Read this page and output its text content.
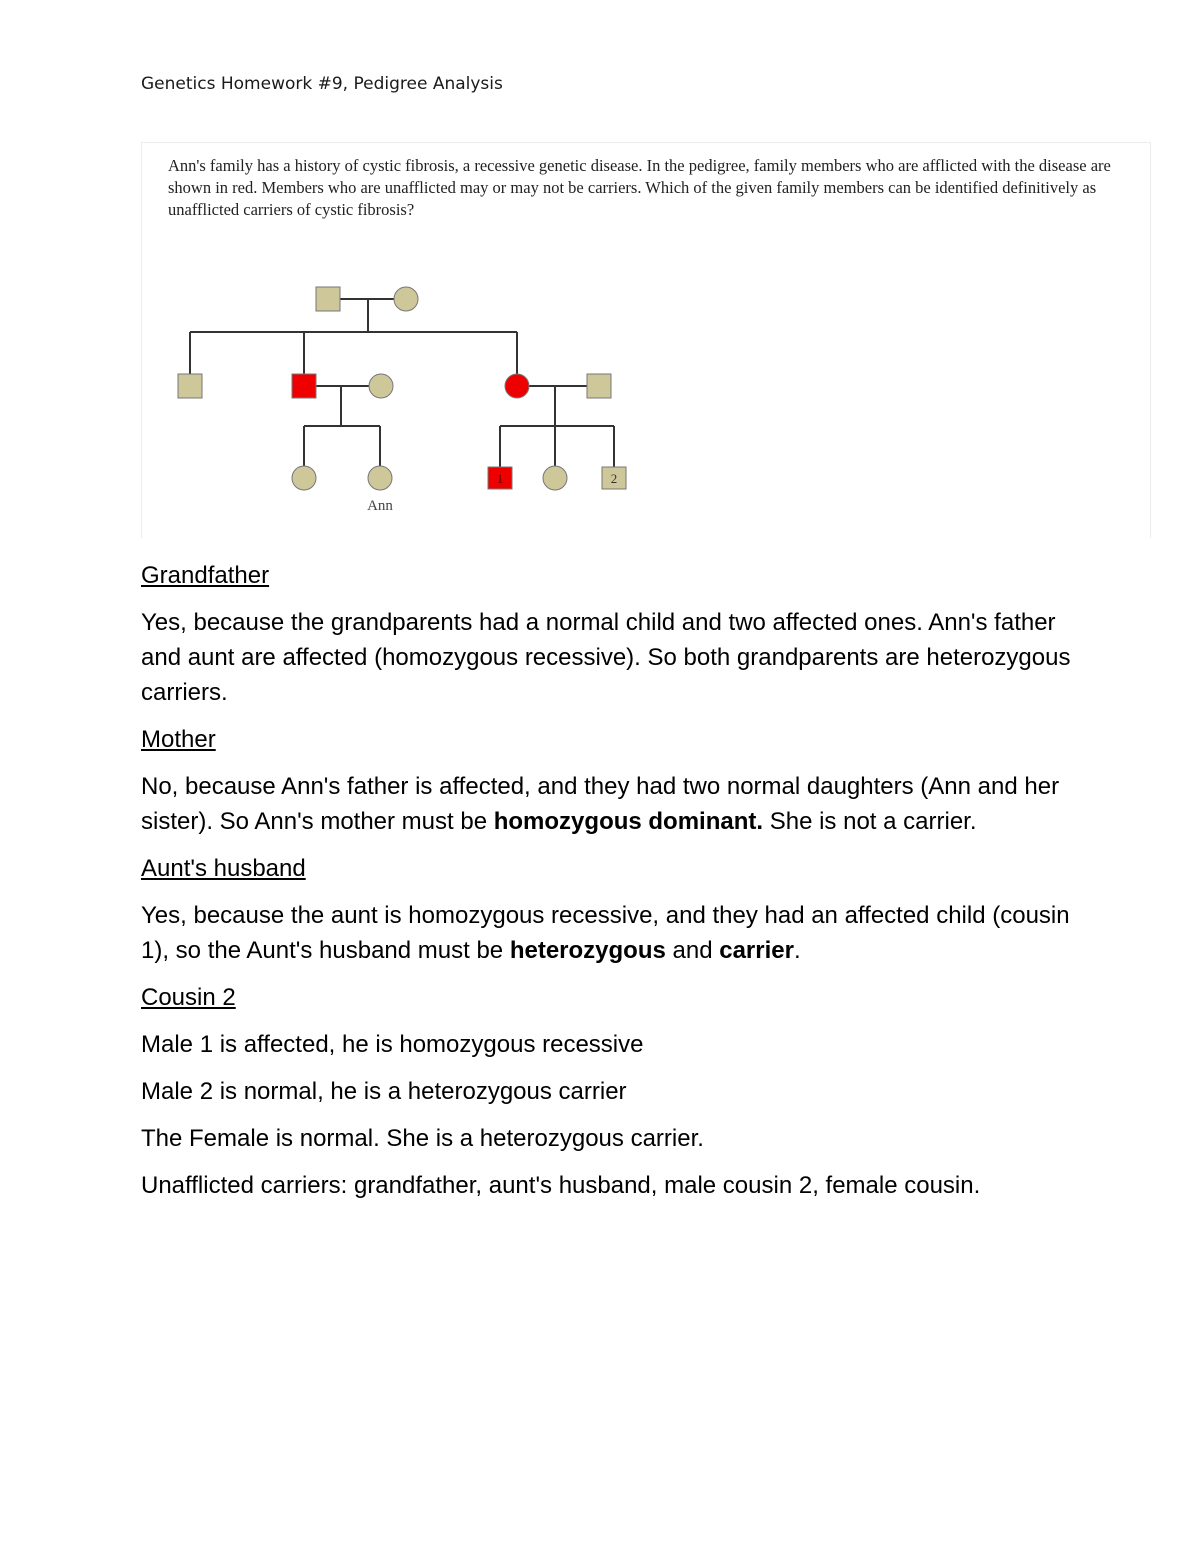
Genetics Homework #9, Pedigree Analysis
Ann's family has a history of cystic fibrosis, a recessive genetic disease. In the pedigree, family members who are afflicted with the disease are shown in red. Members who are unafflicted may or may not be carriers. Which of the given family members can be identified definitively as unafflicted carriers of cystic fibrosis?
1	2
Ann

Grandfather

Yes, because the grandparents had a normal child and two affected ones. Ann's father and aunt are affected (homozygous recessive). So both grandparents are heterozygous carriers.

Mother

No, because Ann's father is affected, and they had two normal daughters (Ann and her sister). So Ann's mother must be homozygous dominant. She is not a carrier.

Aunt's husband

Yes, because the aunt is homozygous recessive, and they had an affected child (cousin 1), so the Aunt's husband must be heterozygous and carrier.

Cousin 2

Male 1 is affected, he is homozygous recessive

Male 2 is normal, he is a heterozygous carrier

The Female is normal. She is a heterozygous carrier.

Unafflicted carriers: grandfather, aunt's husband, male cousin 2, female cousin.
